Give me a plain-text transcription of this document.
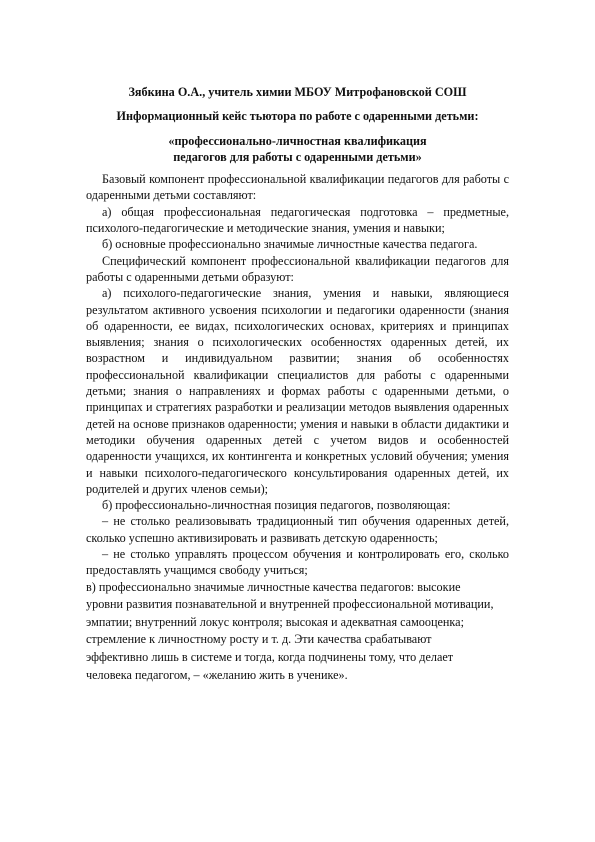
Зябкина О.А., учитель химии МБОУ Митрофановской СОШ
Информационный кейс тьютора по работе с одаренными детьми:
«профессионально-личностная квалификация
педагогов для работы с одаренными детьми»

Базовый компонент профессиональной квалификации педагогов для работы с одаренными детьми составляют:

а) общая профессиональная педагогическая подготовка – предметные, психолого-педагогические и методические знания, умения и навыки;

б) основные профессионально значимые личностные качества педагога.

Специфический компонент профессиональной квалификации педагогов для работы с одаренными детьми образуют:

а) психолого-педагогические знания, умения и навыки, являющиеся результатом активного усвоения психологии и педагогики одаренности (знания об одаренности, ее видах, психологических основах, критериях и принципах выявления; знания о психологических особенностях одаренных детей, их возрастном и индивидуальном развитии; знания об особенностях профессиональной квалификации специалистов для работы с одаренными детьми; знания о направлениях и формах работы с одаренными детьми, о принципах и стратегиях разработки и реализации методов выявления одаренных детей на основе признаков одаренности; умения и навыки в области дидактики и методики обучения одаренных детей с учетом видов и особенностей одаренности учащихся, их контингента и конкретных условий обучения; умения и навыки психолого-педагогического консультирования одаренных детей, их родителей и других членов семьи);

б) профессионально-личностная позиция педагогов, позволяющая:

– не столько реализовывать традиционный тип обучения одаренных детей, сколько успешно активизировать и развивать детскую одаренность;

– не столько управлять процессом обучения и контролировать его, сколько предоставлять учащимся свободу учиться;

в) профессионально значимые личностные качества педагогов: высокие

уровни развития познавательной и внутренней профессиональной мотивации,

эмпатии; внутренний локус контроля; высокая и адекватная самооценка;

стремление к личностному росту и т. д. Эти качества срабатывают

эффективно лишь в системе и тогда, когда подчинены тому, что делает

человека педагогом, – «желанию жить в ученике».
